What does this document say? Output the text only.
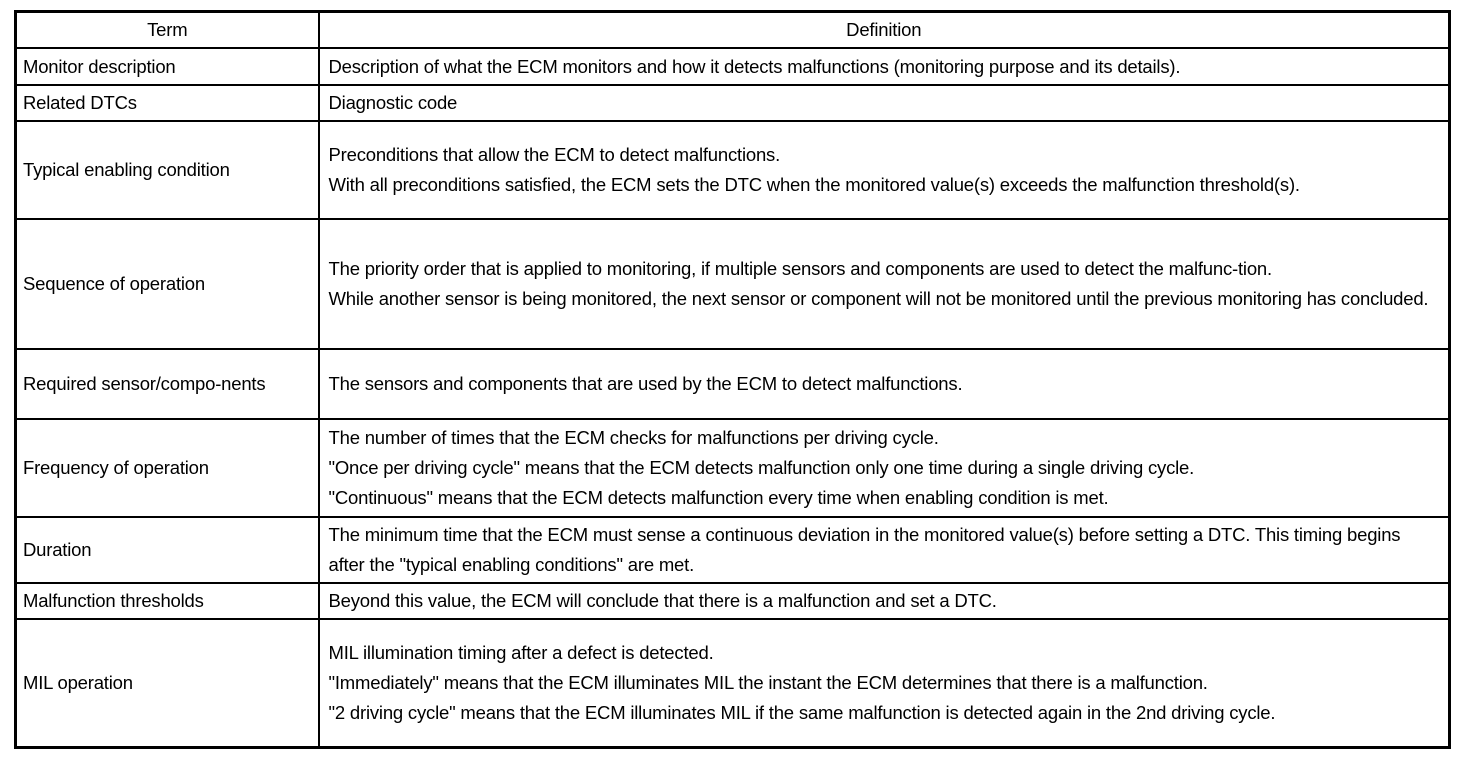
Term	Definition
Monitor description	Description of what the ECM monitors and how it detects malfunctions (monitoring purpose and its details).

Related DTCs	Diagnostic code

Typical enabling condition	Preconditions that allow the ECM to detect malfunctions.
With all preconditions satisfied, the ECM sets the DTC when the monitored value(s) exceeds the malfunction threshold(s).

Sequence of operation	The priority order that is applied to monitoring, if multiple sensors and components are used to detect the malfunc-tion.
While another sensor is being monitored, the next sensor or component will not be monitored until the previous monitoring has concluded.

Required sensor/compo-nents	The sensors and components that are used by the ECM to detect malfunctions.

Frequency of operation	The number of times that the ECM checks for malfunctions per driving cycle.
"Once per driving cycle" means that the ECM detects malfunction only one time during a single driving cycle.
"Continuous" means that the ECM detects malfunction every time when enabling condition is met.

Duration	The minimum time that the ECM must sense a continuous deviation in the monitored value(s) before setting a DTC. This timing begins after the "typical enabling conditions" are met.

Malfunction thresholds	Beyond this value, the ECM will conclude that there is a malfunction and set a DTC.

MIL operation	MIL illumination timing after a defect is detected.
"Immediately" means that the ECM illuminates MIL the instant the ECM determines that there is a malfunction.
"2 driving cycle" means that the ECM illuminates MIL if the same malfunction is detected again in the 2nd driving cycle.
